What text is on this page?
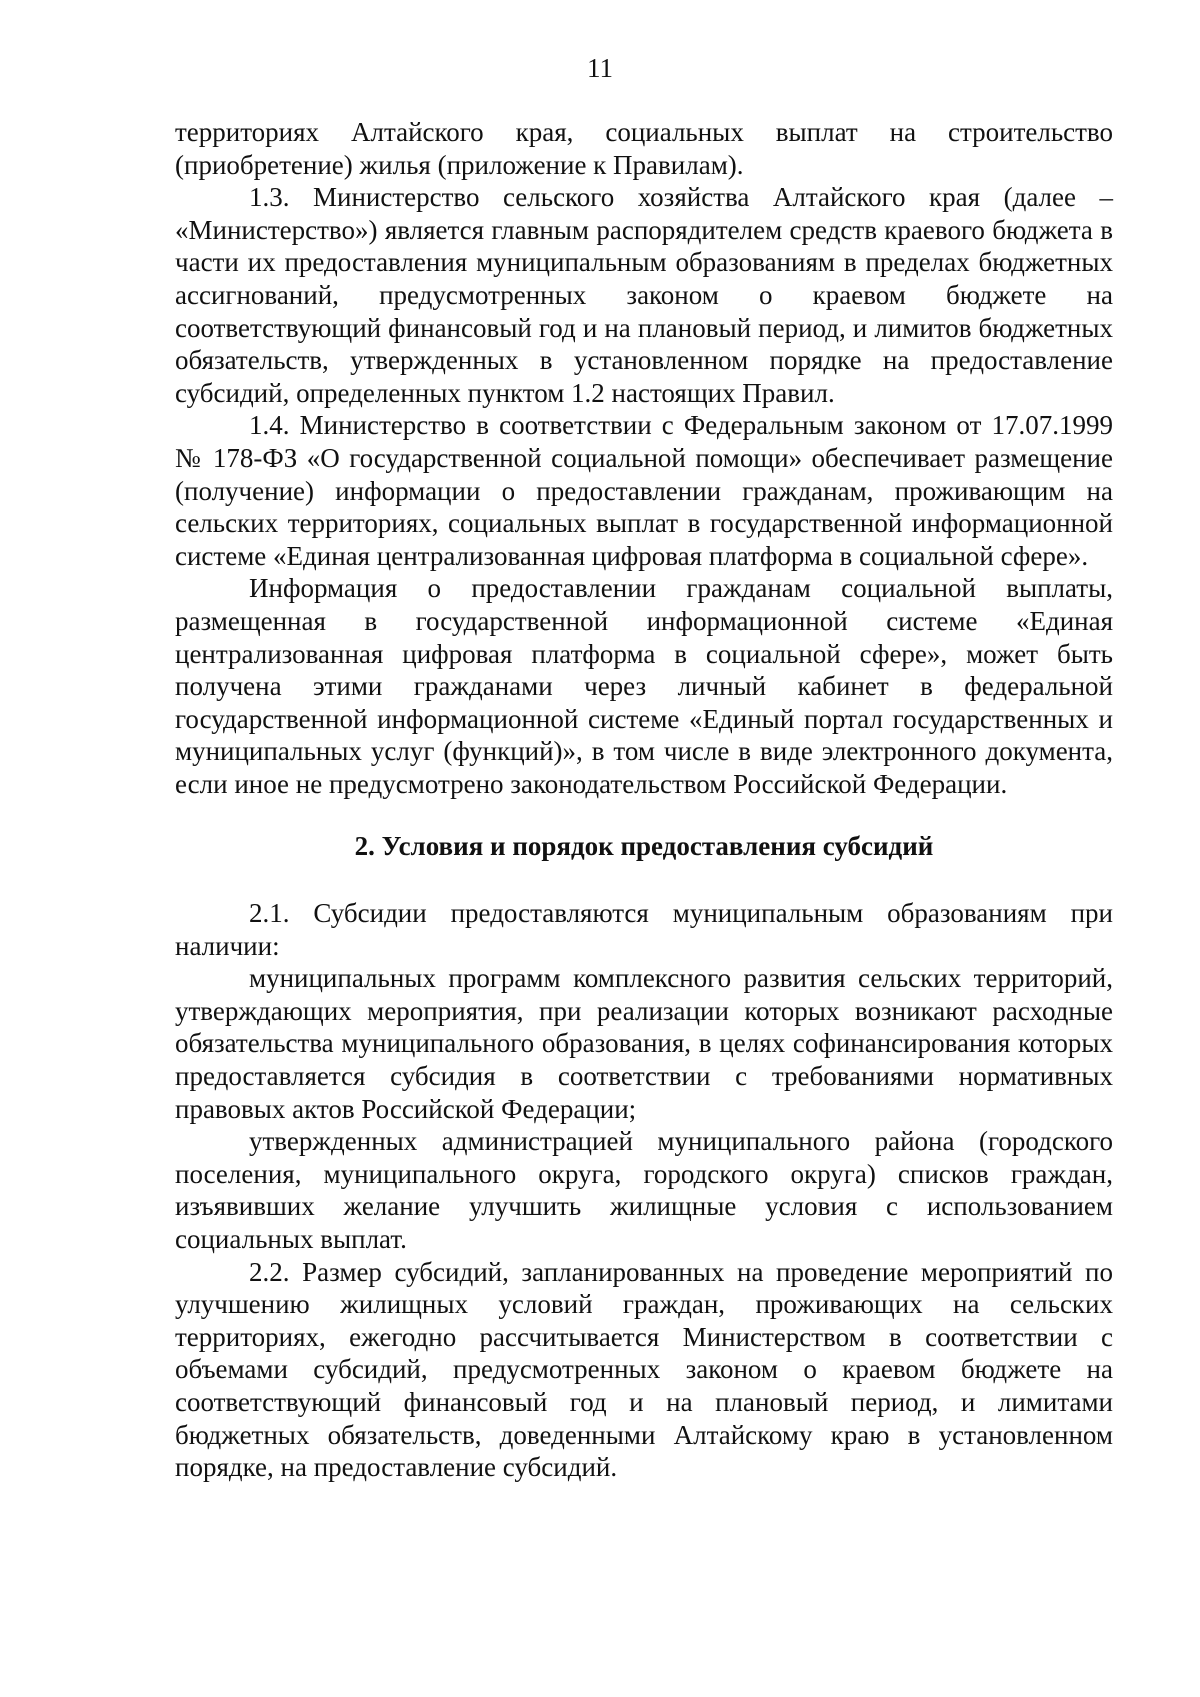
11

территориях Алтайского края, социальных выплат на строительство (приобретение) жилья (приложение к Правилам).

1.3. Министерство сельского хозяйства Алтайского края (далее – «Министерство») является главным распорядителем средств краевого бюджета в части их предоставления муниципальным образованиям в пределах бюджетных ассигнований, предусмотренных законом о краевом бюджете на соответствующий финансовый год и на плановый период, и лимитов бюджетных обязательств, утвержденных в установленном порядке на предоставление субсидий, определенных пунктом 1.2 настоящих Правил.

1.4. Министерство в соответствии с Федеральным законом от 17.07.1999 № 178-ФЗ «О государственной социальной помощи» обеспечивает размещение (получение) информации о предоставлении гражданам, проживающим на сельских территориях, социальных выплат в государственной информационной системе «Единая централизованная цифровая платформа в социальной сфере».

Информация о предоставлении гражданам социальной выплаты, размещенная в государственной информационной системе «Единая централизованная цифровая платформа в социальной сфере», может быть получена этими гражданами через личный кабинет в федеральной государственной информационной системе «Единый портал государственных и муниципальных услуг (функций)», в том числе в виде электронного документа, если иное не предусмотрено законодательством Российской Федерации.

2. Условия и порядок предоставления субсидий

2.1. Субсидии предоставляются муниципальным образованиям при наличии:

муниципальных программ комплексного развития сельских территорий, утверждающих мероприятия, при реализации которых возникают расходные обязательства муниципального образования, в целях софинансирования которых предоставляется субсидия в соответствии с требованиями нормативных правовых актов Российской Федерации;

утвержденных администрацией муниципального района (городского поселения, муниципального округа, городского округа) списков граждан, изъявивших желание улучшить жилищные условия с использованием социальных выплат.

2.2. Размер субсидий, запланированных на проведение мероприятий по улучшению жилищных условий граждан, проживающих на сельских территориях, ежегодно рассчитывается Министерством в соответствии с объемами субсидий, предусмотренных законом о краевом бюджете на соответствующий финансовый год и на плановый период, и лимитами бюджетных обязательств, доведенными Алтайскому краю в установленном порядке, на предоставление субсидий.
